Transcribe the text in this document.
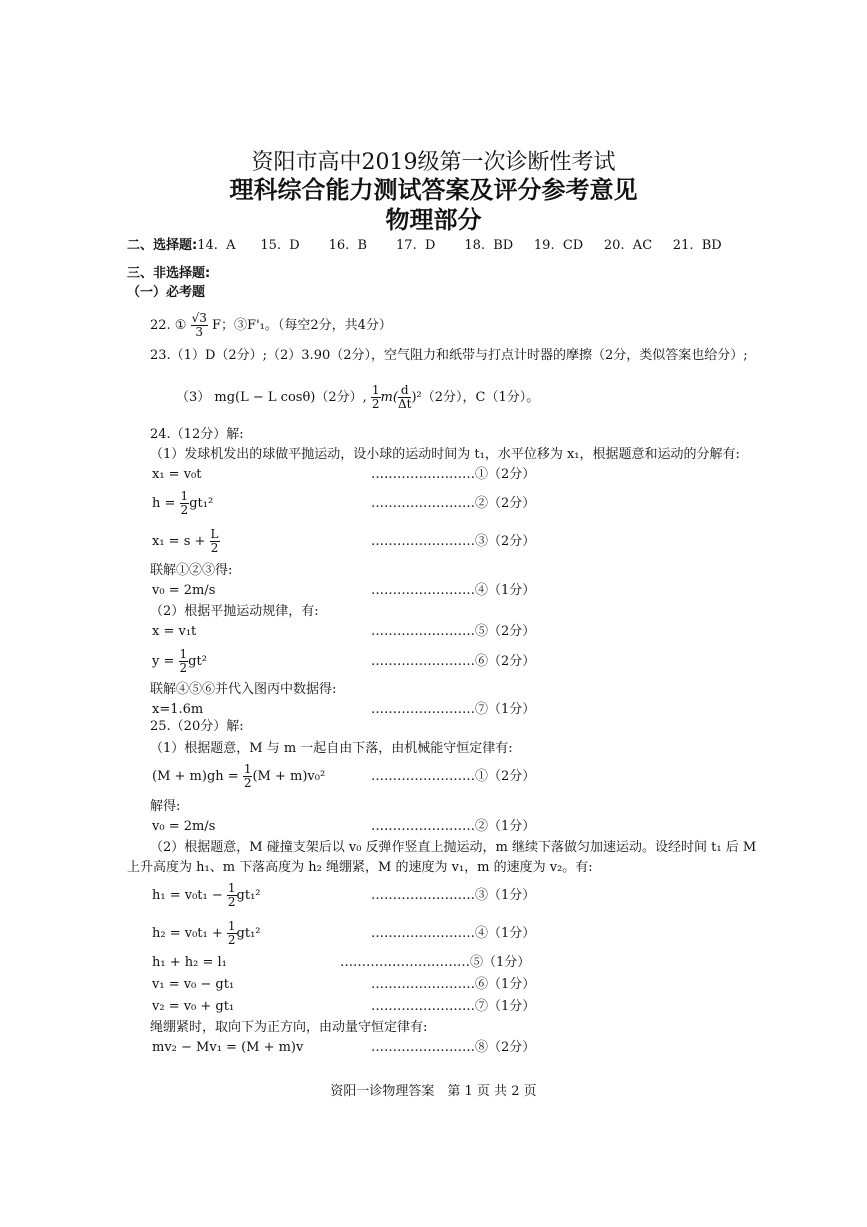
资阳市高中2019级第一次诊断性考试
理科综合能力测试答案及评分参考意见
物理部分
二、选择题:14.  A      15.  D       16.  B       17.  D       18.  BD     19.  CD     20.  AC     21.  BD
三、非选择题:
（一）必考题
22. ① $\frac{√3}{3}$ F；③F'₁。（每空2分，共4分）
23.（1）D（2分）;（2）3.90（2分），空气阻力和纸带与打点计时器的摩擦（2分，类似答案也给分）;
（3） mg(L − L cosθ)（2分）, $\frac{1}{2} m( \frac{d}{\Delta t} )^2(2$分），C（1分）。
24.（12分）解:
（1）发球机发出的球做平抛运动，设小球的运动时间为 t₁，水平位移为 x₁，根据题意和运动的分解有:
x₁ = v₀t	……………………①（2分）
$h = \frac{1}{2} gt_1^2$	……………………②（2分）
$x_1 = s + \frac{L}{2}$	……………………③（2分）
联解①②③得:
v₀ = 2m/s	……………………④（1分）
（2）根据平抛运动规律，有:
x = v₁t	……………………⑤（2分）
$y = \frac{1}{2} gt^2$	……………………⑥（2分）
联解④⑤⑥并代入图丙中数据得:
x=1.6m	……………………⑦（1分）
25.（20分）解:
（1）根据题意，M 与 m 一起自由下落，由机械能守恒定律有:
$(M + m)gh = \frac{1}{2} (M + m)v_0^2$	……………………①（2分）
解得:
v₀ = 2m/s	……………………②（1分）
（2）根据题意，M 碰撞支架后以 v₀ 反弹作竖直上抛运动，m 继续下落做匀加速运动。设经时间 t₁ 后 M
上升高度为 h₁、m 下落高度为 h₂ 绳绷紧，M 的速度为 v₁，m 的速度为 v₂。有:
$h_1 = v_0t_1 - \frac{1}{2} gt_1^2$	……………………③（1分）
$h_2 = v_0t_1 + \frac{1}{2} gt_1^2$	……………………④（1分）
h₁ + h₂ = l₁	…………………………⑤（1分）
v₁ = v₀ − gt₁	……………………⑥（1分）
v₂ = v₀ + gt₁	……………………⑦（1分）
绳绷紧时，取向下为正方向，由动量守恒定律有:
mv₂ − Mv₁ = (M + m)v	……………………⑧（2分）
资阳一诊物理答案　第 1 页 共 2 页
